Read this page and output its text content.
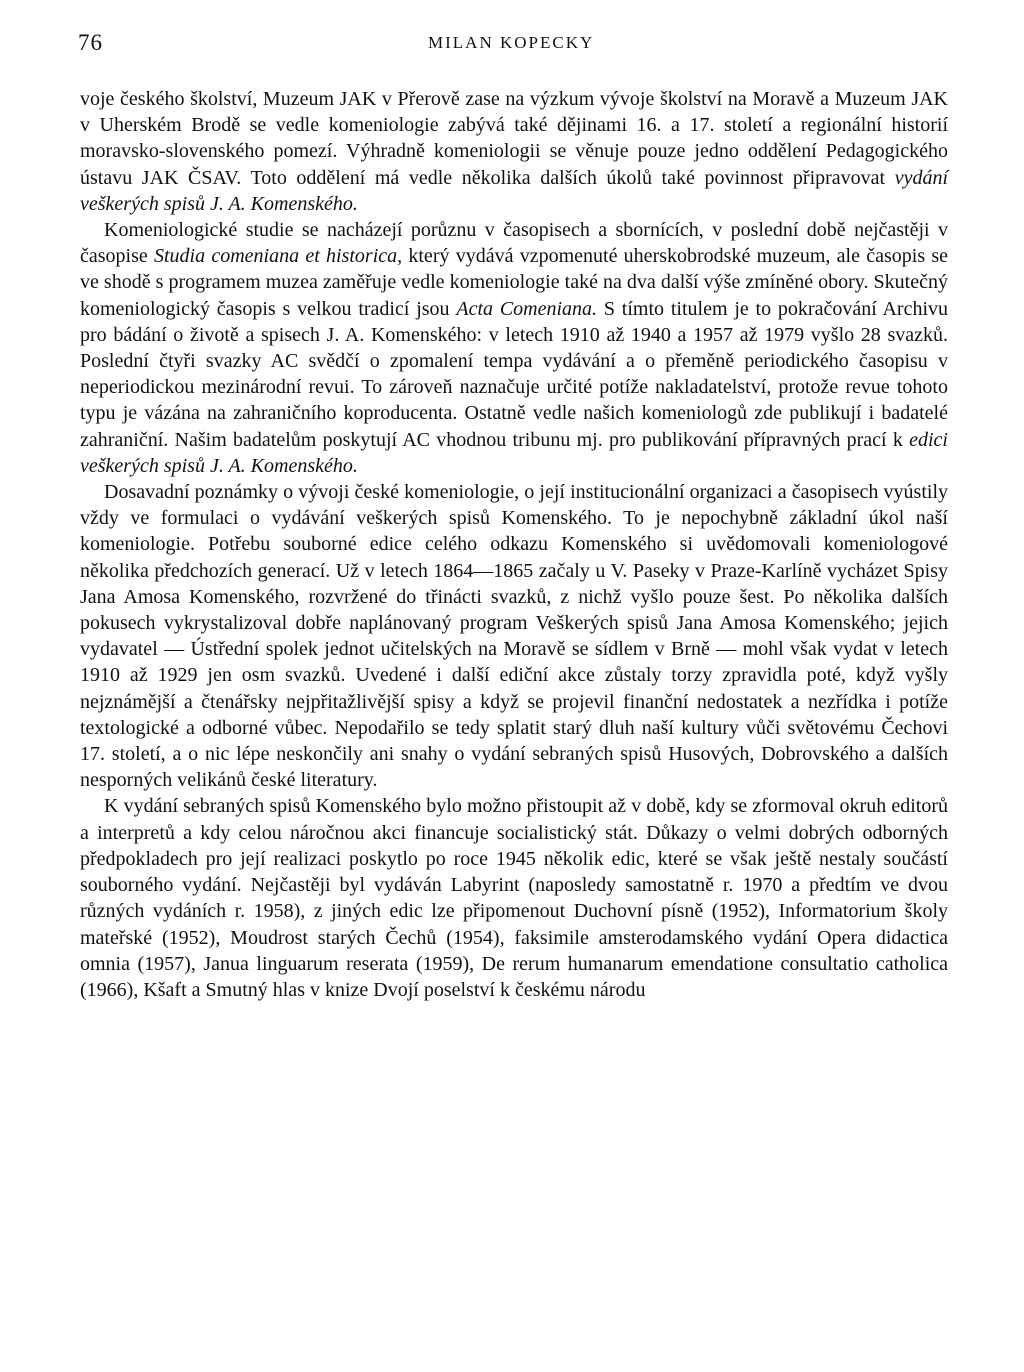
76	MILAN KOPECKY

voje českého školství, Muzeum JAK v Přerově zase na výzkum vývoje školství na Moravě a Muzeum JAK v Uherském Brodě se vedle komeniologie zabývá také dějinami 16. a 17. století a regionální historií moravsko-slovenského pomezí. Výhradně komeniologii se věnuje pouze jedno oddělení Pedagogického ústavu JAK ČSAV. Toto oddělení má vedle několika dalších úkolů také povinnost připravovat vydání veškerých spisů J. A. Komenského.

Komeniologické studie se nacházejí porůznu v časopisech a sbornících, v poslední době nejčastěji v časopise Studia comeniana et historica, který vydává vzpomenuté uherskobrodské muzeum, ale časopis se ve shodě s programem muzea zaměřuje vedle komeniologie také na dva další výše zmíněné obory. Skutečný komeniologický časopis s velkou tradicí jsou Acta Comeniana. S tímto titulem je to pokračování Archivu pro bádání o životě a spisech J. A. Komenského: v letech 1910 až 1940 a 1957 až 1979 vyšlo 28 svazků. Poslední čtyři svazky AC svědčí o zpomalení tempa vydávání a o přeměně periodického časopisu v neperiodickou mezinárodní revui. To zároveň naznačuje určité potíže nakladatelství, protože revue tohoto typu je vázána na zahraničního koproducenta. Ostatně vedle našich komeniologů zde publikují i badatelé zahraniční. Našim badatelům poskytují AC vhodnou tribunu mj. pro publikování přípravných prací k edici veškerých spisů J. A. Komenského.

Dosavadní poznámky o vývoji české komeniologie, o její institucionální organizaci a časopisech vyústily vždy ve formulaci o vydávání veškerých spisů Komenského. To je nepochybně základní úkol naší komeniologie. Potřebu souborné edice celého odkazu Komenského si uvědomovali komeniologové několika předchozích generací. Už v letech 1864—1865 začaly u V. Paseky v Praze-Karlíně vycházet Spisy Jana Amosa Komenského, rozvržené do třinácti svazků, z nichž vyšlo pouze šest. Po několika dalších pokusech vykrystalizoval dobře naplánovaný program Veškerých spisů Jana Amosa Komenského; jejich vydavatel — Ústřední spolek jednot učitelských na Moravě se sídlem v Brně — mohl však vydat v letech 1910 až 1929 jen osm svazků. Uvedené i další ediční akce zůstaly torzy zpravidla poté, když vyšly nejznámější a čtenářsky nejpřitažlivější spisy a když se projevil finanční nedostatek a nezřídka i potíže textologické a odborné vůbec. Nepodařilo se tedy splatit starý dluh naší kultury vůči světovému Čechovi 17. století, a o nic lépe neskončily ani snahy o vydání sebraných spisů Husových, Dobrovského a dalších nesporných velikánů české literatury.

K vydání sebraných spisů Komenského bylo možno přistoupit až v době, kdy se zformoval okruh editorů a interpretů a kdy celou náročnou akci financuje socialistický stát. Důkazy o velmi dobrých odborných předpokladech pro její realizaci poskytlo po roce 1945 několik edic, které se však ještě nestaly součástí souborného vydání. Nejčastěji byl vydáván Labyrint (naposledy samostatně r. 1970 a předtím ve dvou různých vydáních r. 1958), z jiných edic lze připomenout Duchovní písně (1952), Informatorium školy mateřské (1952), Moudrost starých Čechů (1954), faksimile amsterodamského vydání Opera didactica omnia (1957), Janua linguarum reserata (1959), De rerum humanarum emendatione consultatio catholica (1966), Kšaft a Smutný hlas v knize Dvojí poselství k českému národu
